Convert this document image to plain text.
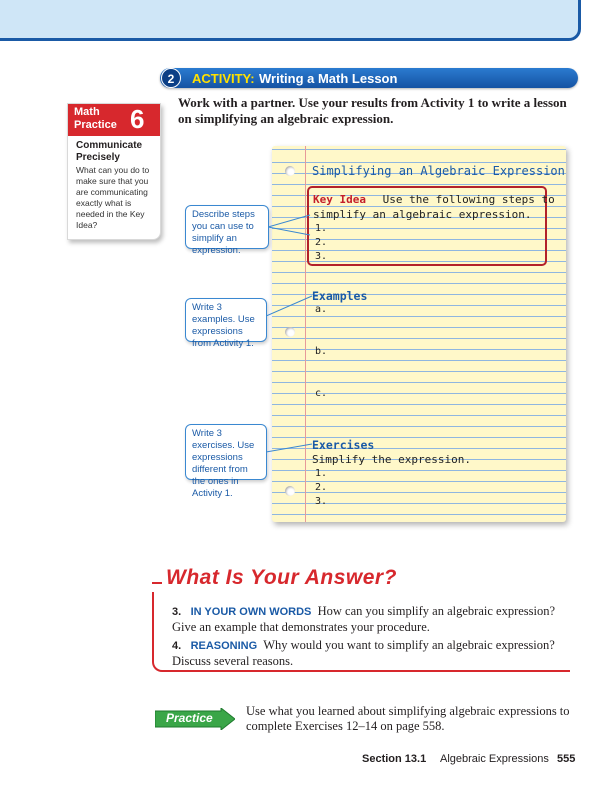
2	ACTIVITY: Writing a Math Lesson
Work with a partner. Use your results from Activity 1 to write a lesson on simplifying an algebraic expression.
Math Practice 6
Communicate Precisely
What can you do to make sure that you are communicating exactly what is needed in the Key Idea?
Simplifying an Algebraic Expression
Key Idea Use the following steps to
simplify an algebraic expression.
1.
2.
3.
Examples
a.
b.
c.
Exercises
Simplify the expression.
1.
2.
3.
Describe steps you can use to simplify an expression.
Write 3 examples. Use expressions from Activity 1.
Write 3 exercises. Use expressions different from the ones in Activity 1.
What Is Your Answer?
3. IN YOUR OWN WORDS How can you simplify an algebraic expression? Give an example that demonstrates your procedure.
4. REASONING Why would you want to simplify an algebraic expression? Discuss several reasons.
Practice	Use what you learned about simplifying algebraic expressions to complete Exercises 12–14 on page 558.
Section 13.1 Algebraic Expressions 555
